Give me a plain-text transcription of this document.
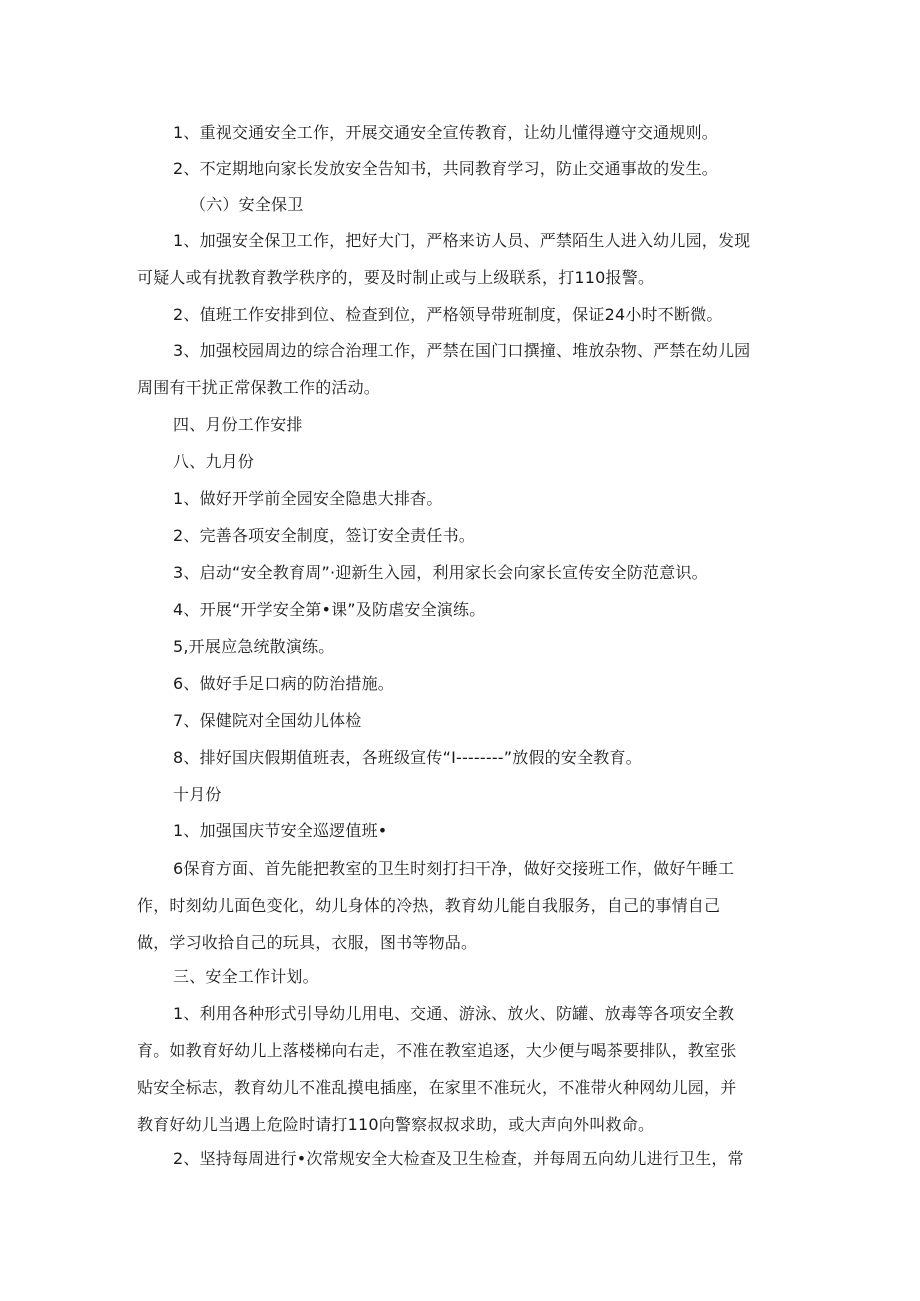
1、重视交通安全工作，开展交通安全宣传教育，让幼儿懂得遵守交通规则。
2、不定期地向家长发放安全告知书，共同教育学习，防止交通事故的发生。
（六）安全保卫
1、加强安全保卫工作，把好大门，严格来访人员、严禁陌生人进入幼儿园，发现
可疑人或有扰教育教学秩序的，要及时制止或与上级联系，打110报警。
2、值班工作安排到位、检查到位，严格领导带班制度，保证24小时不断微。
3、加强校园周边的综合治理工作，严禁在国门口撰撞、堆放杂物、严禁在幼儿园
周围有干扰正常保教工作的活动。
四、月份工作安排
八、九月份
1、做好开学前全园安全隐患大排杳。
2、完善各项安全制度，签订安全责任书。
3、启动“安全教育周”·迎新生入园，利用家长会向家长宣传安全防范意识。
4、开展“开学安全第•课”及防虐安全演练。
5,开展应急统散演练。
6、做好手足口病的防治措施。
7、保健院对全国幼儿体检
8、排好国庆假期值班表，各班级宣传“I--------”放假的安全教育。
十月份
1、加强国庆节安全巡逻值班•
6保育方面、首先能把教室的卫生时刻打扫干净，做好交接班工作，做好午睡工
作，时刻幼儿面色变化，幼儿身体的冷热，教育幼儿能自我服务，自己的事情自己
做，学习收拾自己的玩具，衣服，图书等物品。
三、安全工作计划。
1、利用各种形式引导幼儿用电、交通、游泳、放火、防罐、放毒等各项安全教
育。如教育好幼儿上落楼梯向右走，不准在教室追逐，大少便与喝茶要排队，教室张
贴安全标志，教育幼儿不准乱摸电插座，在家里不准玩火，不准带火种网幼儿园，并
教育好幼儿当遇上危险时请打110向警察叔叔求助，或大声向外叫救命。
2、坚持每周进行•次常规安全大检查及卫生检查，并每周五向幼儿进行卫生，常
